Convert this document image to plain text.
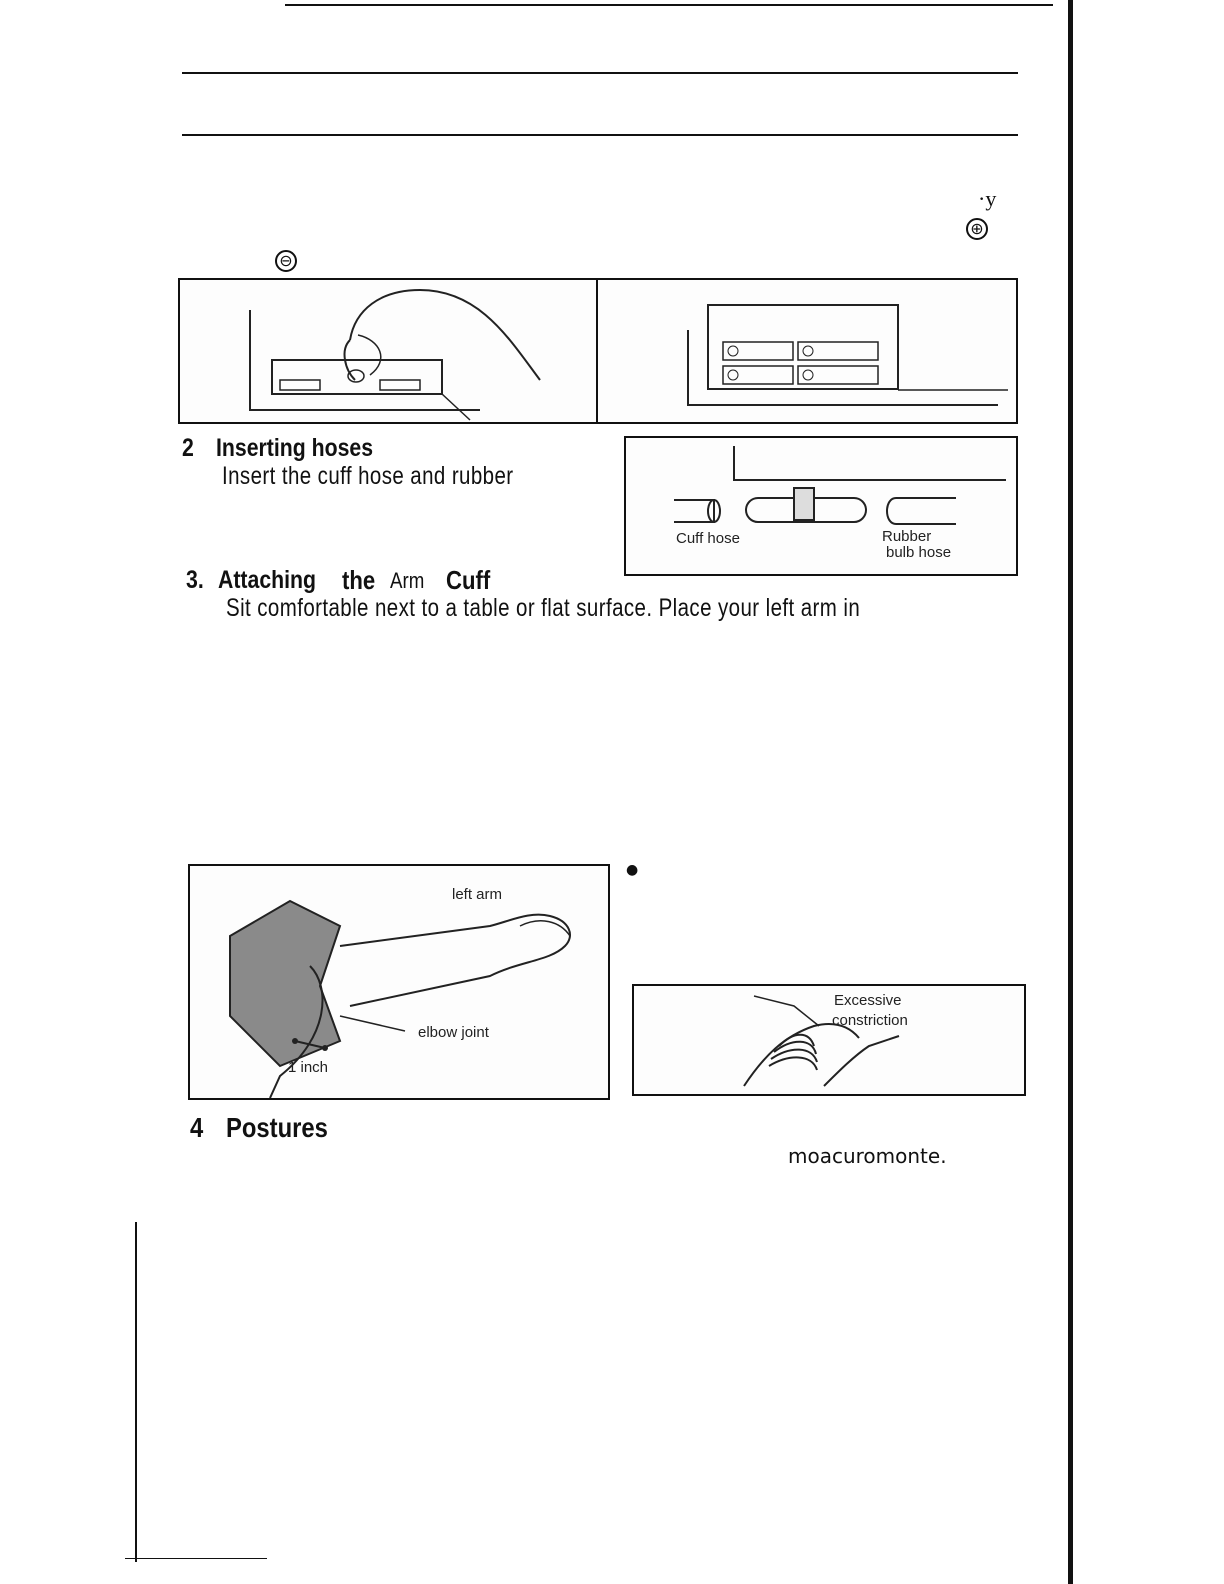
·y
⊕
⊖
2 Inserting hoses
Insert the cuff hose and rubber
Cuff hose	Rubber
bulb hose
3. Attaching the Arm Cuff
Sit comfortable next to a table or flat surface. Place your left arm in
left arm
elbow joint
1 inch
●
Excessive
constriction
4 Postures
moacuromonte.
